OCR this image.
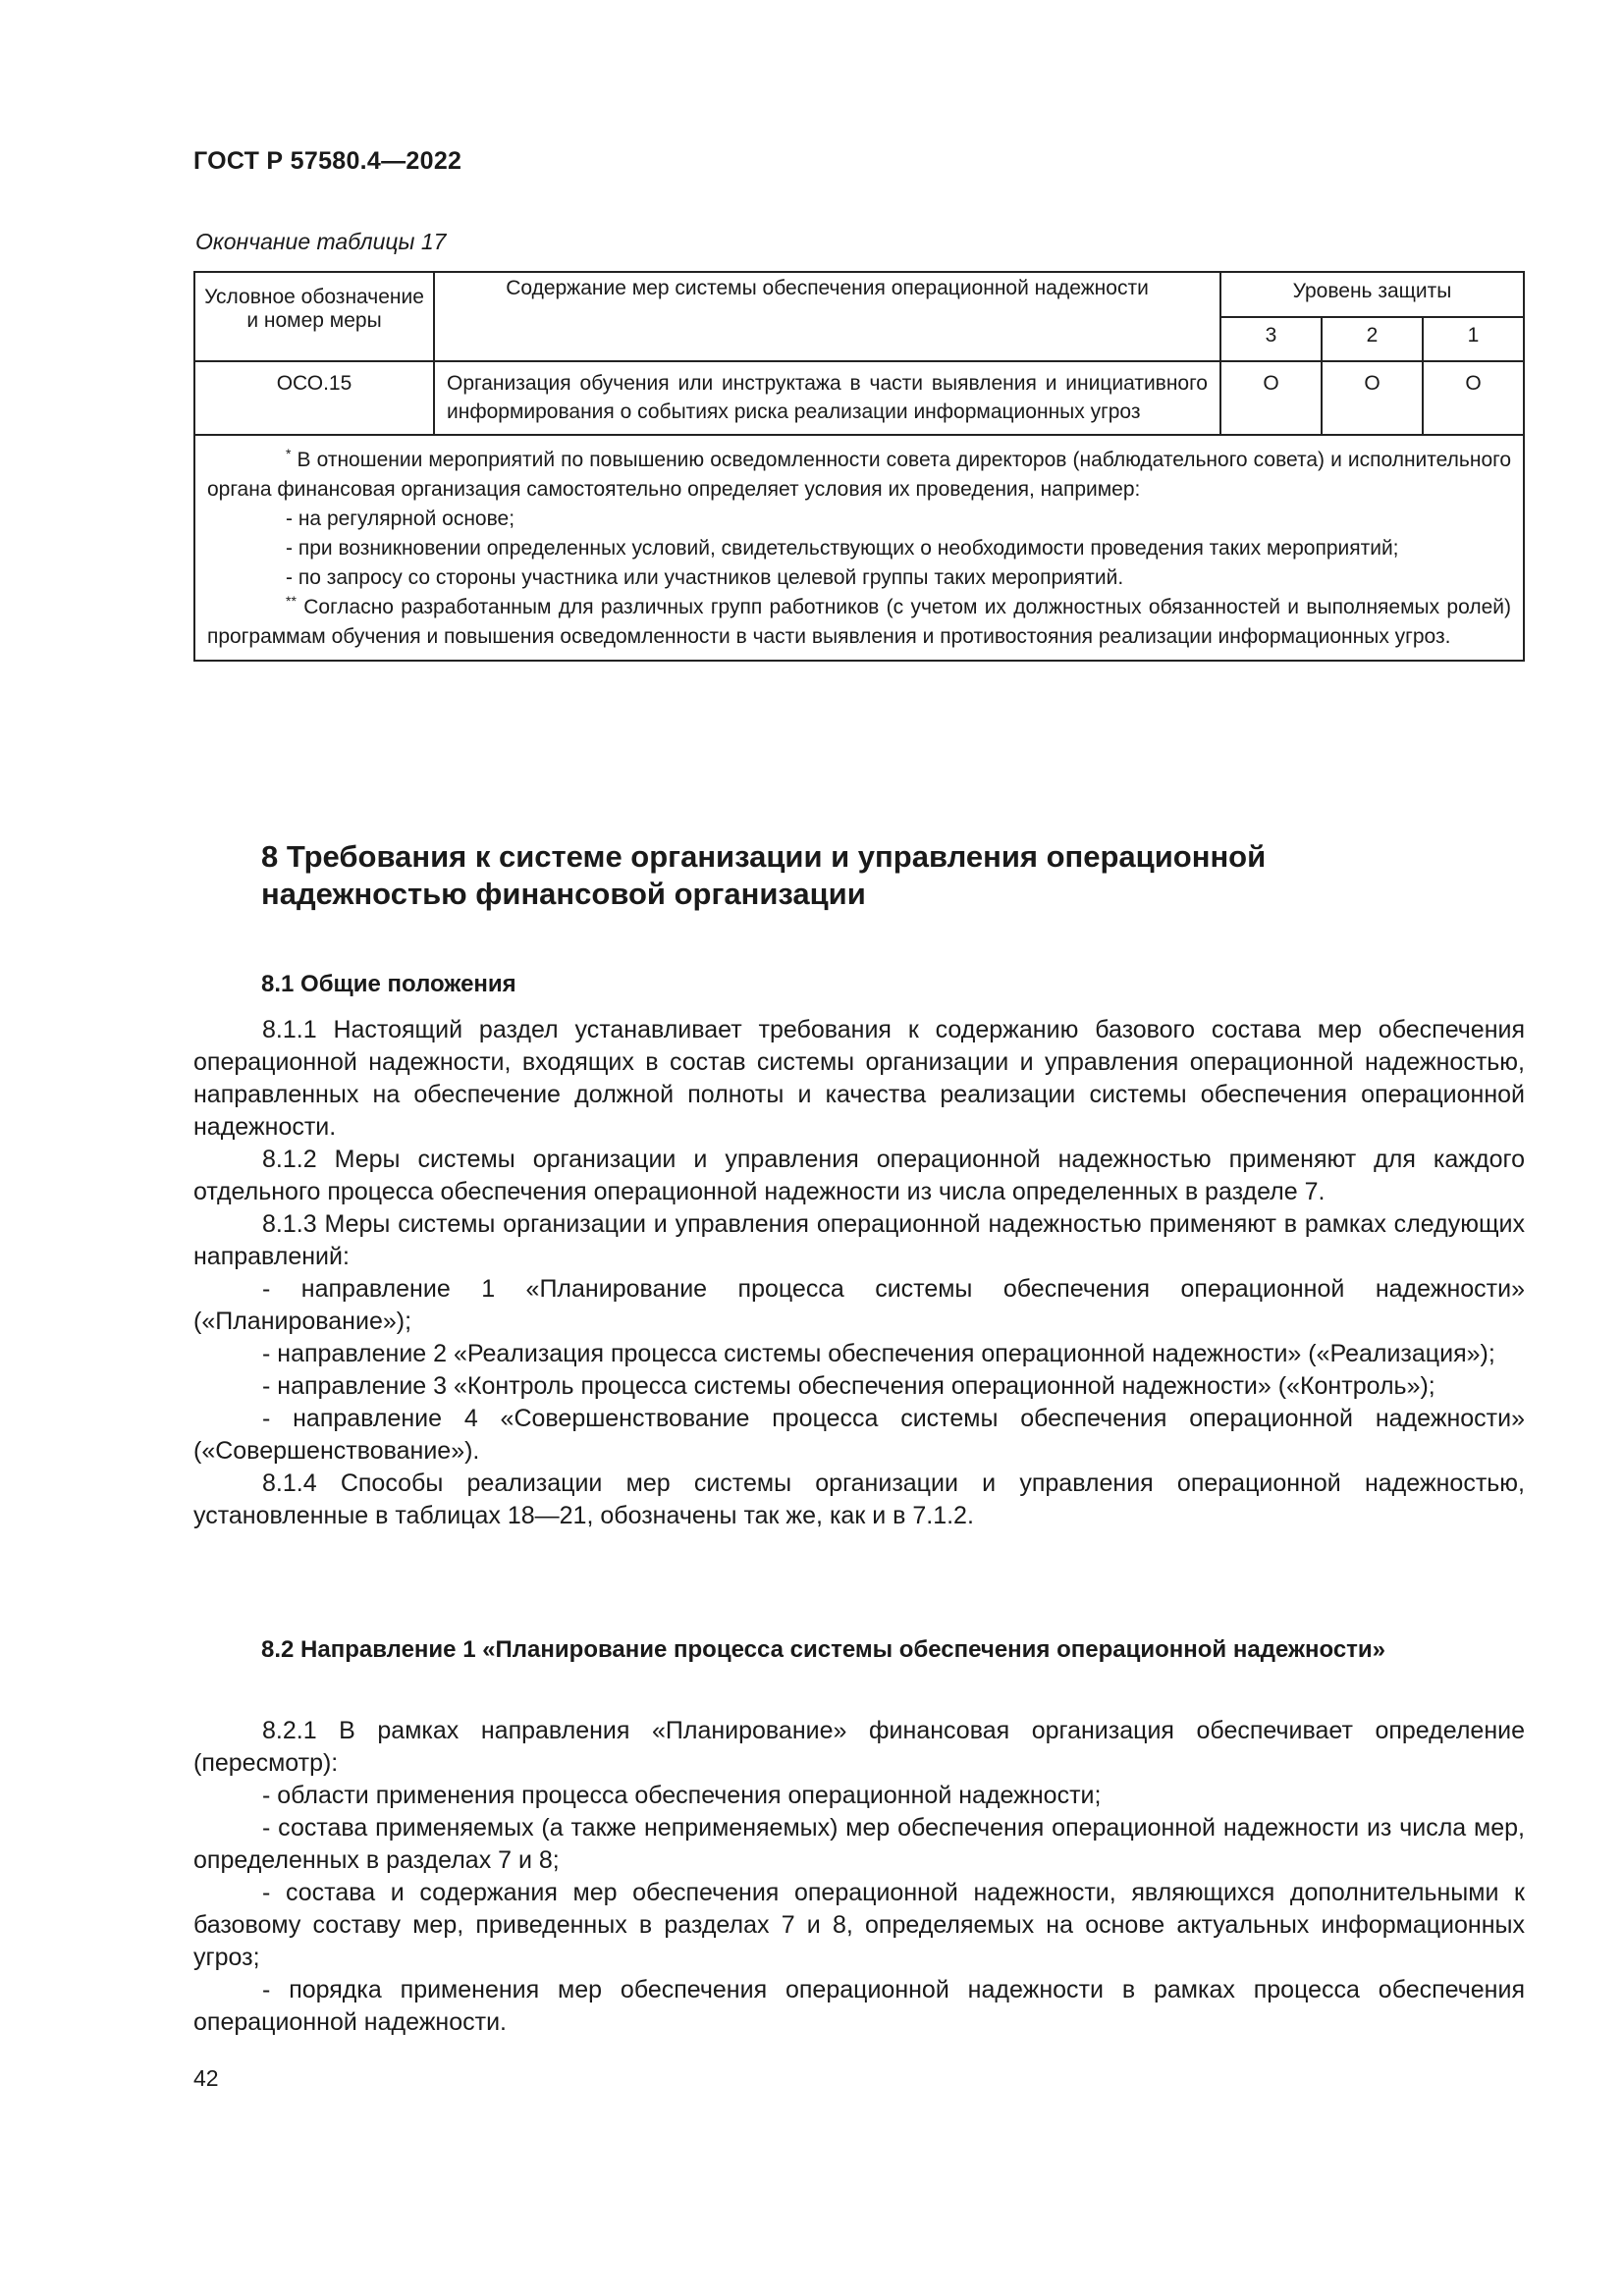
ГОСТ Р 57580.4—2022
Окончание таблицы 17
Условное обозначение и номер меры	Содержание мер системы обеспечения операционной надежности	Уровень защиты		
		3	2	1
ОСО.15	Организация обучения или инструктажа в части выявления и инициативного информирования о событиях риска реализации информационных угроз	О	О	О

* В отношении мероприятий по повышению осведомленности совета директоров (наблюдательного совета) и исполнительного органа финансовая организация самостоятельно определяет условия их проведения, например:
- на регулярной основе;
- при возникновении определенных условий, свидетельствующих о необходимости проведения таких мероприятий;
- по запросу со стороны участника или участников целевой группы таких мероприятий.
** Согласно разработанным для различных групп работников (с учетом их должностных обязанностей и выполняемых ролей) программам обучения и повышения осведомленности в части выявления и противостояния реализации информационных угроз.				
8 Требования к системе организации и управления операционной надежностью финансовой организации
8.1 Общие положения

8.1.1 Настоящий раздел устанавливает требования к содержанию базового состава мер обеспечения операционной надежности, входящих в состав системы организации и управления операционной надежностью, направленных на обеспечение должной полноты и качества реализации системы обеспечения операционной надежности.

8.1.2 Меры системы организации и управления операционной надежностью применяют для каждого отдельного процесса обеспечения операционной надежности из числа определенных в разделе 7.

8.1.3 Меры системы организации и управления операционной надежностью применяют в рамках следующих направлений:

- направление 1 «Планирование процесса системы обеспечения операционной надежности» («Планирование»);

- направление 2 «Реализация процесса системы обеспечения операционной надежности» («Реализация»);

- направление 3 «Контроль процесса системы обеспечения операционной надежности» («Контроль»);

- направление 4 «Совершенствование процесса системы обеспечения операционной надежности» («Совершенствование»).

8.1.4 Способы реализации мер системы организации и управления операционной надежностью, установленные в таблицах 18—21, обозначены так же, как и в 7.1.2.

8.2 Направление 1 «Планирование процесса системы обеспечения операционной надежности»

8.2.1 В рамках направления «Планирование» финансовая организация обеспечивает определение (пересмотр):

- области применения процесса обеспечения операционной надежности;

- состава применяемых (а также неприменяемых) мер обеспечения операционной надежности из числа мер, определенных в разделах 7 и 8;

- состава и содержания мер обеспечения операционной надежности, являющихся дополнительными к базовому составу мер, приведенных в разделах 7 и 8, определяемых на основе актуальных информационных угроз;

- порядка применения мер обеспечения операционной надежности в рамках процесса обеспечения операционной надежности.

42
